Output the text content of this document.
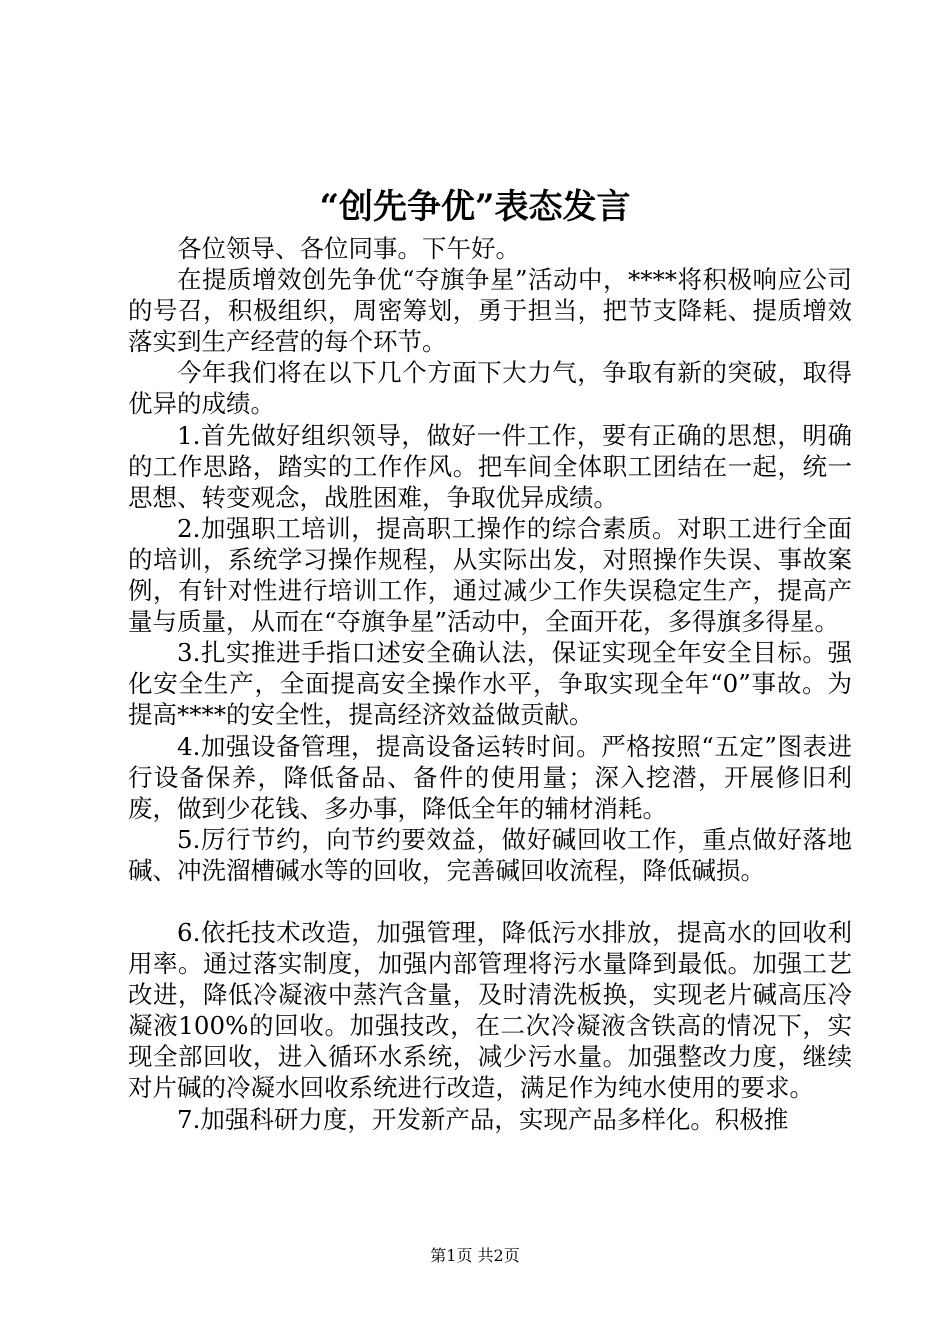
“创先争优”表态发言

各位领导、各位同事。下午好。

在提质增效创先争优“夺旗争星”活动中，****将积极响应公司的号召，积极组织，周密筹划，勇于担当，把节支降耗、提质增效落实到生产经营的每个环节。

今年我们将在以下几个方面下大力气，争取有新的突破，取得优异的成绩。

1.首先做好组织领导，做好一件工作，要有正确的思想，明确的工作思路，踏实的工作作风。把车间全体职工团结在一起，统一思想、转变观念，战胜困难，争取优异成绩。

2.加强职工培训，提高职工操作的综合素质。对职工进行全面的培训，系统学习操作规程，从实际出发，对照操作失误、事故案例，有针对性进行培训工作，通过减少工作失误稳定生产，提高产量与质量，从而在“夺旗争星”活动中，全面开花，多得旗多得星。

3.扎实推进手指口述安全确认法，保证实现全年安全目标。强化安全生产，全面提高安全操作水平，争取实现全年“0”事故。为提高****的安全性，提高经济效益做贡献。

4.加强设备管理，提高设备运转时间。严格按照“五定”图表进行设备保养，降低备品、备件的使用量；深入挖潜，开展修旧利废，做到少花钱、多办事，降低全年的辅材消耗。

5.厉行节约，向节约要效益，做好碱回收工作，重点做好落地碱、冲洗溜槽碱水等的回收，完善碱回收流程，降低碱损。

6.依托技术改造，加强管理，降低污水排放，提高水的回收利用率。通过落实制度，加强内部管理将污水量降到最低。加强工艺改进，降低冷凝液中蒸汽含量，及时清洗板换，实现老片碱高压冷凝液100%的回收。加强技改，在二次冷凝液含铁高的情况下，实现全部回收，进入循环水系统，减少污水量。加强整改力度，继续对片碱的冷凝水回收系统进行改造，满足作为纯水使用的要求。

7.加强科研力度，开发新产品，实现产品多样化。积极推

第1页 共2页
